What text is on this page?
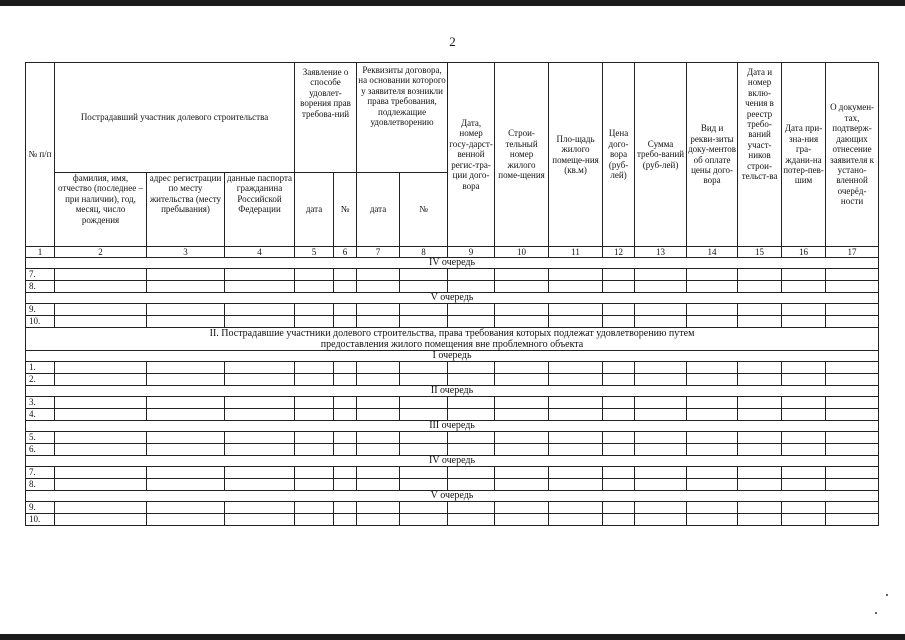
2
№ п/п	Пострадавший участник долевого строительства			Заявление о способе удовлет-ворения прав требова-ний		Реквизиты договора, на основании которого у заявителя возникли права требования, подлежащие удовлетворению		Дата, номер госу-дарст-венной регис-тра-ции дого-вора	Строи-тельный номер жилого поме-щения	Пло-щадь жилого помеще-ния (кв.м)	Цена дого-вора (руб-лей)	Сумма требо-ваний (руб-лей)	Вид и рекви-зиты доку-ментов об оплате цены дого-вора	Дата и номер вклю-чения в реестр требо-ваний участ-ников строи-тельст-ва	Дата при-зна-ния гра-ждани-на потер-пев-шим	О докумен-тах, подтверж-дающих отнесение заявителя к устано-вленной очерёд-ности
	фамилия, имя, отчество (последнее – при наличии), год, месяц, число рождения	адрес регистрации по месту жительства (месту пребывания)	данные паспорта гражданина Российской Федерации	дата	№	дата	№									
1	2	3	4	5	6	7	8	9	10	11	12	13	14	15	16	17
IV очередь																
7.																
8.																
V очередь																
9.																
10.																
II. Пострадавшие участники долевого строительства, права требования которых подлежат удовлетворению путем предоставления жилого помещения вне проблемного объекта																
I очередь																
1.																
2.																
II очередь																
3.																
4.																
III очередь																
5.																
6.																
IV очередь																
7.																
8.																
V очередь																
9.																
10.																
